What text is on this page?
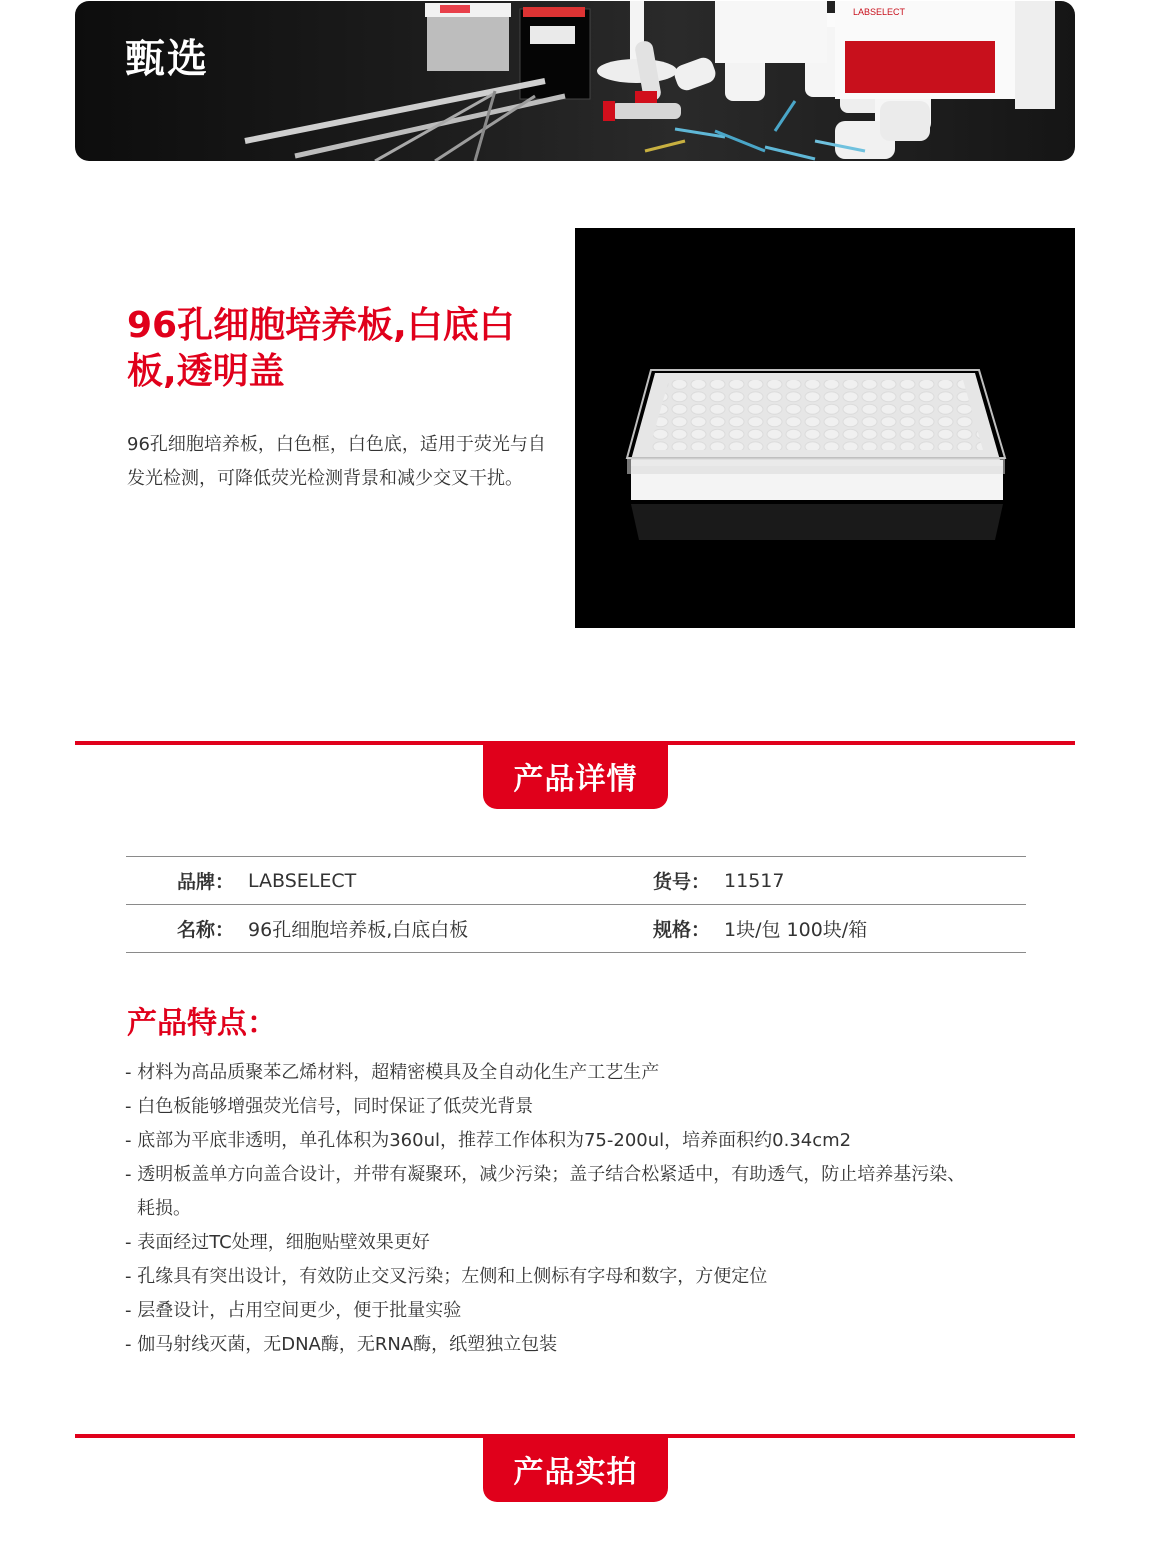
LABSELECT
甄选
96孔细胞培养板,白底白板,透明盖

96孔细胞培养板，白色框，白色底，适用于荧光与自发光检测，可降低荧光检测背景和减少交叉干扰。

产品详情
品牌： LABSELECT	货号： 11517
名称： 96孔细胞培养板,白底白板	规格： 1块/包 100块/箱
产品特点：
- 材料为高品质聚苯乙烯材料，超精密模具及全自动化生产工艺生产
- 白色板能够增强荧光信号，同时保证了低荧光背景
- 底部为平底非透明，单孔体积为360ul，推荐工作体积为75-200ul，培养面积约0.34cm2
- 透明板盖单方向盖合设计，并带有凝聚环，减少污染；盖子结合松紧适中，有助透气，防止培养基污染、耗损。
- 表面经过TC处理，细胞贴壁效果更好
- 孔缘具有突出设计，有效防止交叉污染；左侧和上侧标有字母和数字，方便定位
- 层叠设计，占用空间更少，便于批量实验
- 伽马射线灭菌，无DNA酶，无RNA酶，纸塑独立包装
产品实拍
